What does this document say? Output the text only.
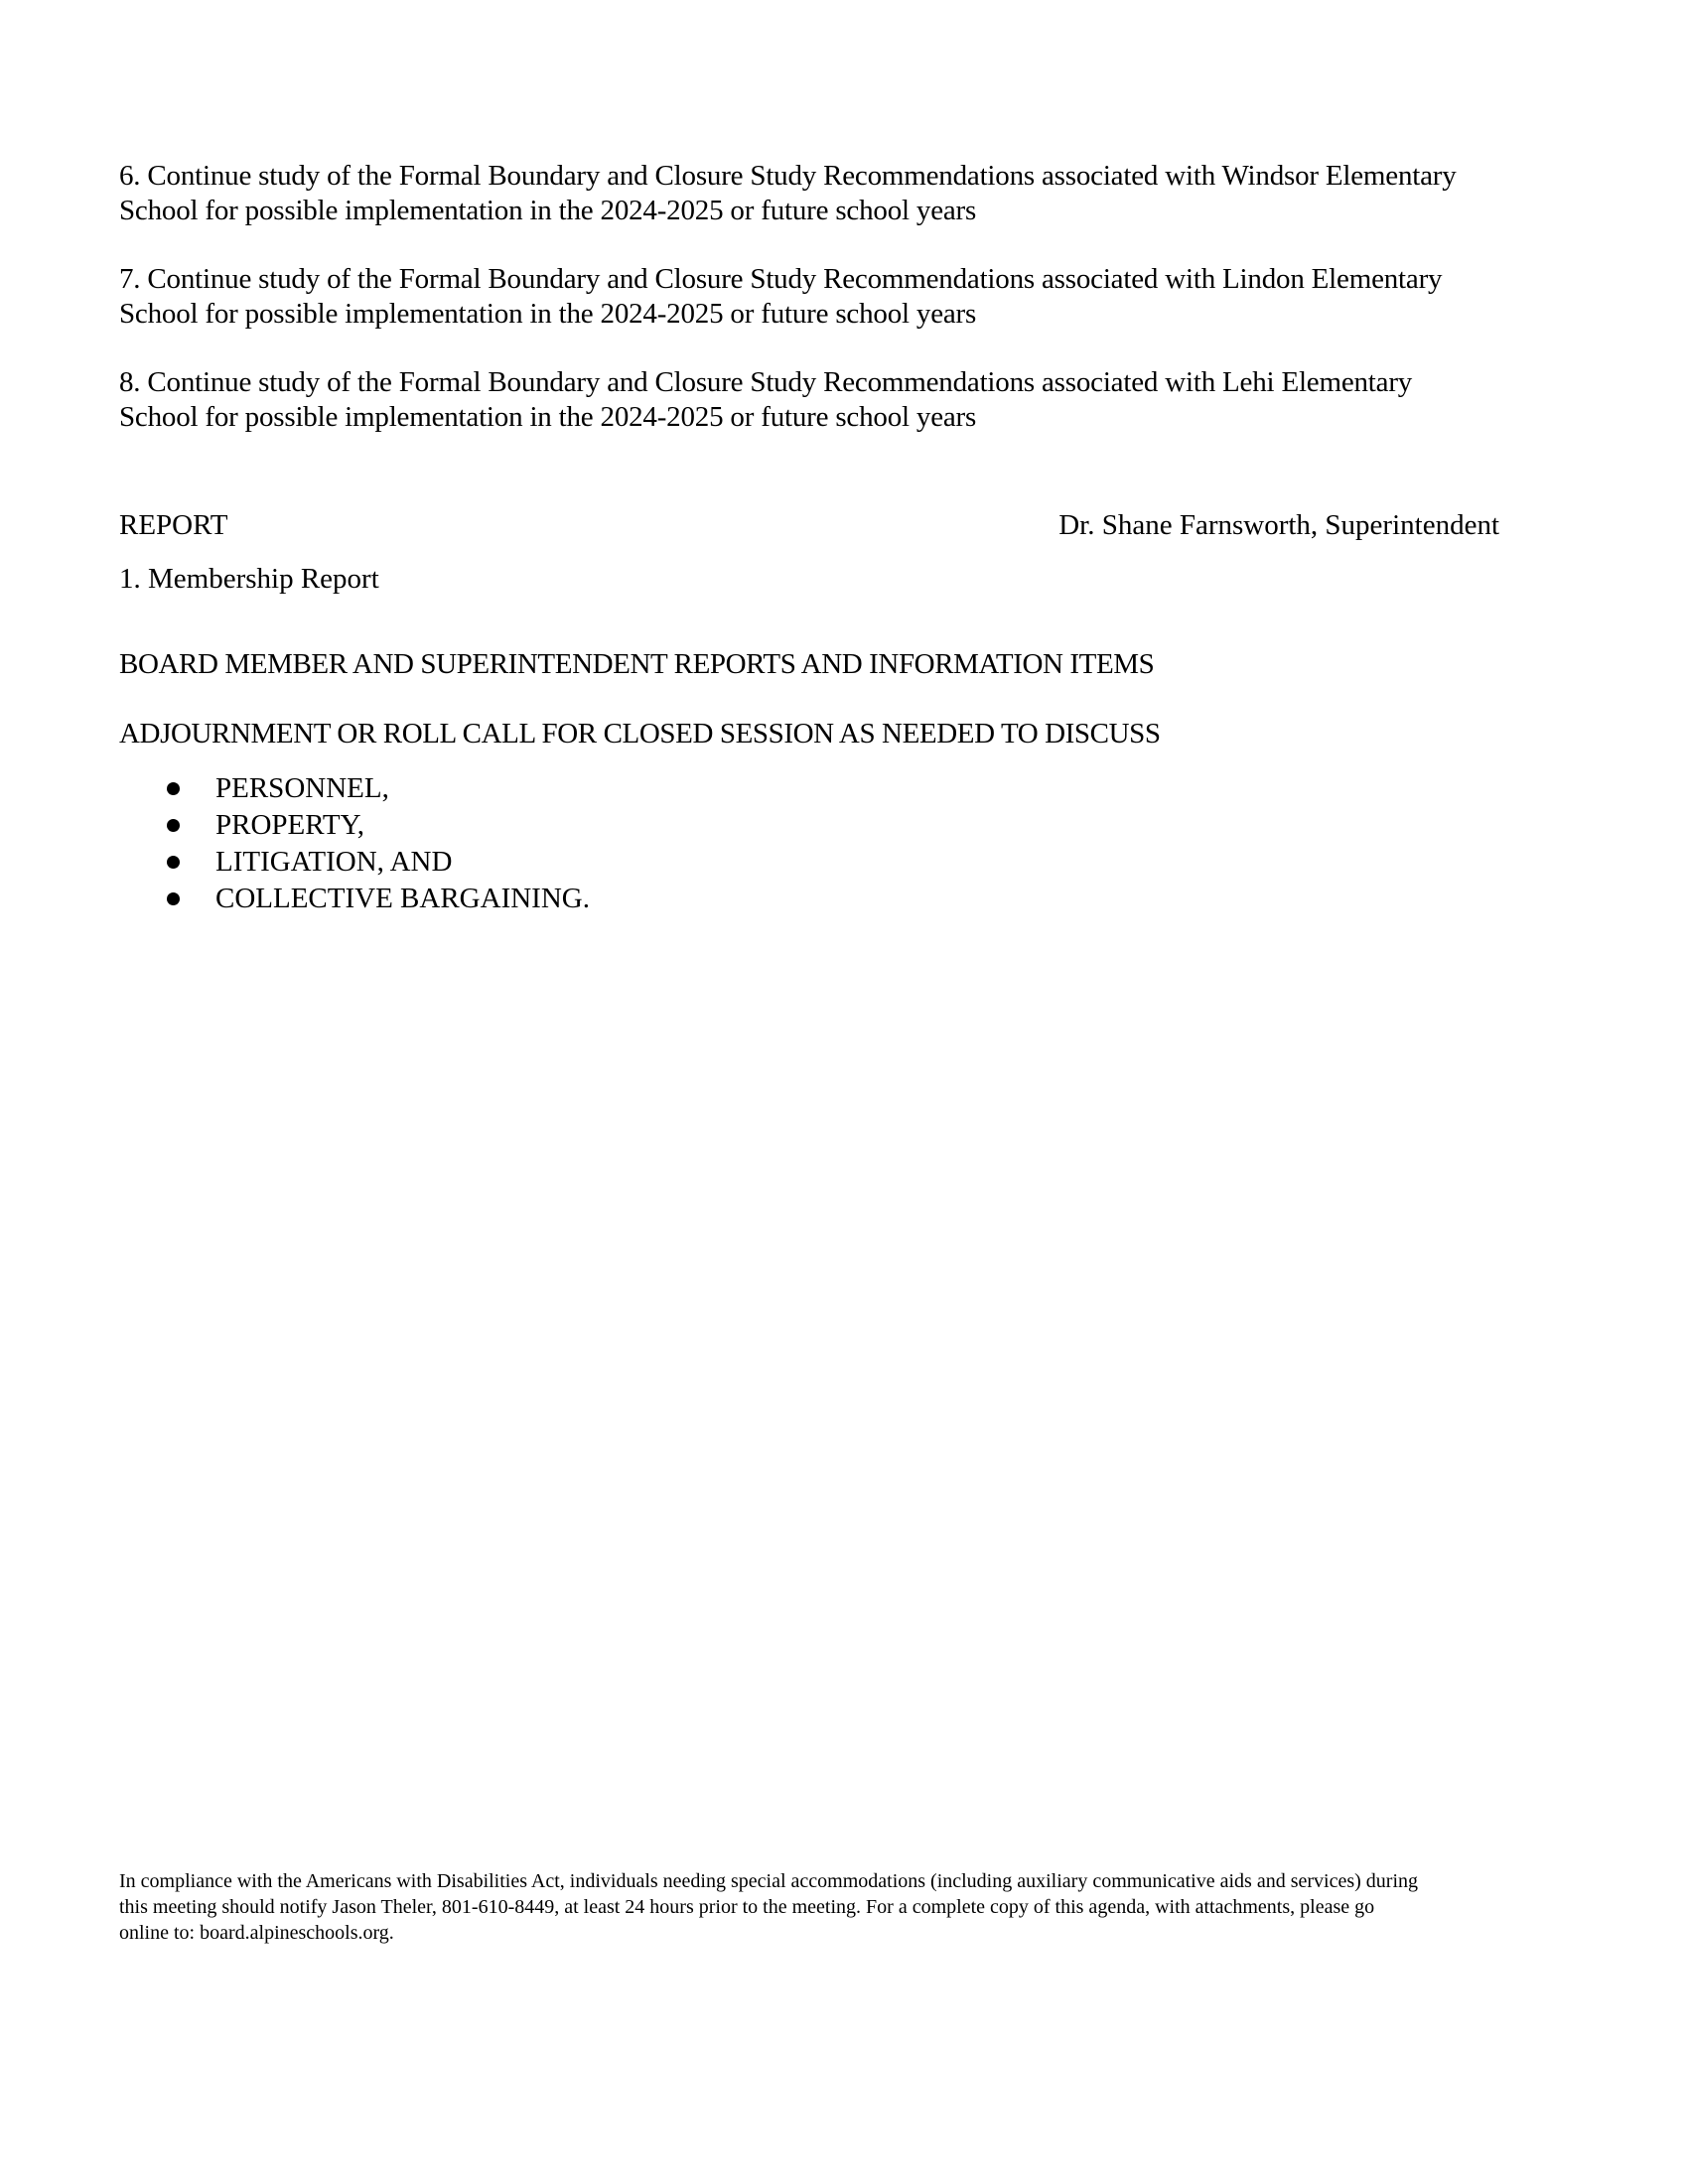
6. Continue study of the Formal Boundary and Closure Study Recommendations associated with Windsor Elementary
School for possible implementation in the 2024-2025 or future school years
7. Continue study of the Formal Boundary and Closure Study Recommendations associated with Lindon Elementary
School for possible implementation in the 2024-2025 or future school years
8. Continue study of the Formal Boundary and Closure Study Recommendations associated with Lehi Elementary
School for possible implementation in the 2024-2025 or future school years
REPORT	Dr. Shane Farnsworth, Superintendent
1. Membership Report
BOARD MEMBER AND SUPERINTENDENT REPORTS AND INFORMATION ITEMS
ADJOURNMENT OR ROLL CALL FOR CLOSED SESSION AS NEEDED TO DISCUSS
PERSONNEL,
PROPERTY,
LITIGATION, AND
COLLECTIVE BARGAINING.
In compliance with the Americans with Disabilities Act, individuals needing special accommodations (including auxiliary communicative aids and services) during
this meeting should notify Jason Theler, 801-610-8449, at least 24 hours prior to the meeting. For a complete copy of this agenda, with attachments, please go
online to: board.alpineschools.org.
